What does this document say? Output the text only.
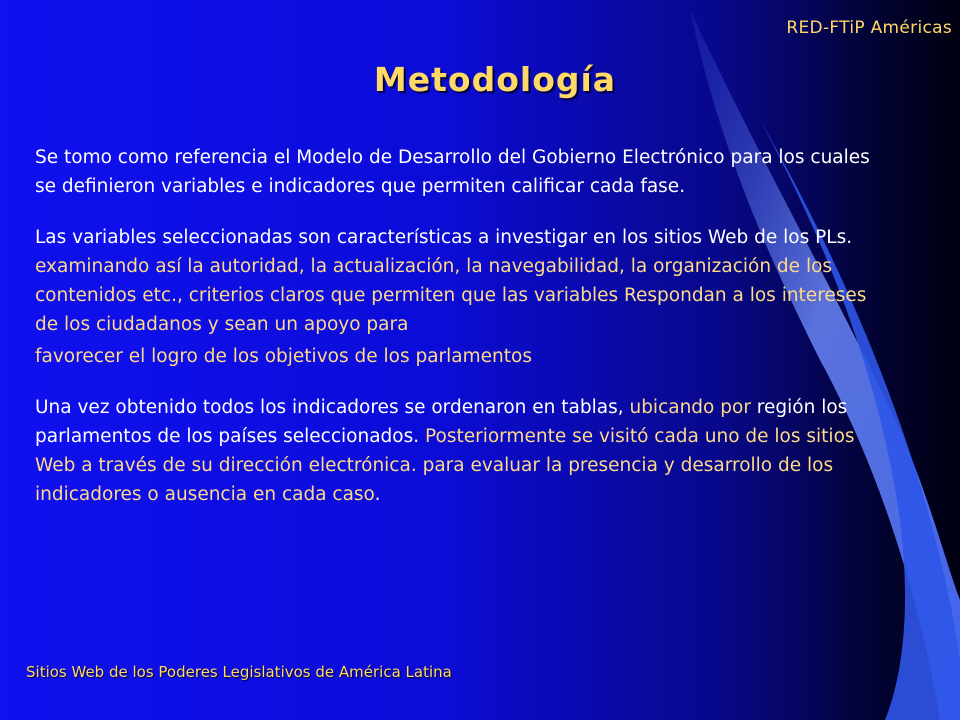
RED-FTiP Américas
Metodología

Se tomo como referencia el Modelo de Desarrollo del Gobierno Electrónico para los cuales se definieron variables e indicadores que permiten calificar cada fase.

Las variables seleccionadas son características a investigar en los sitios Web de los PLs. examinando así la autoridad, la actualización, la navegabilidad, la organización de los contenidos etc., criterios claros que permiten que las variables Respondan a los intereses de los ciudadanos y sean un apoyo para
favorecer el logro de los objetivos de los parlamentos

Una vez obtenido todos los indicadores se ordenaron en tablas, ubicando por región los parlamentos de los países seleccionados. Posteriormente se visitó cada uno de los sitios Web a través de su dirección electrónica. para evaluar la presencia y desarrollo de los indicadores o ausencia en cada caso.

Sitios Web de los Poderes Legislativos de América Latina
